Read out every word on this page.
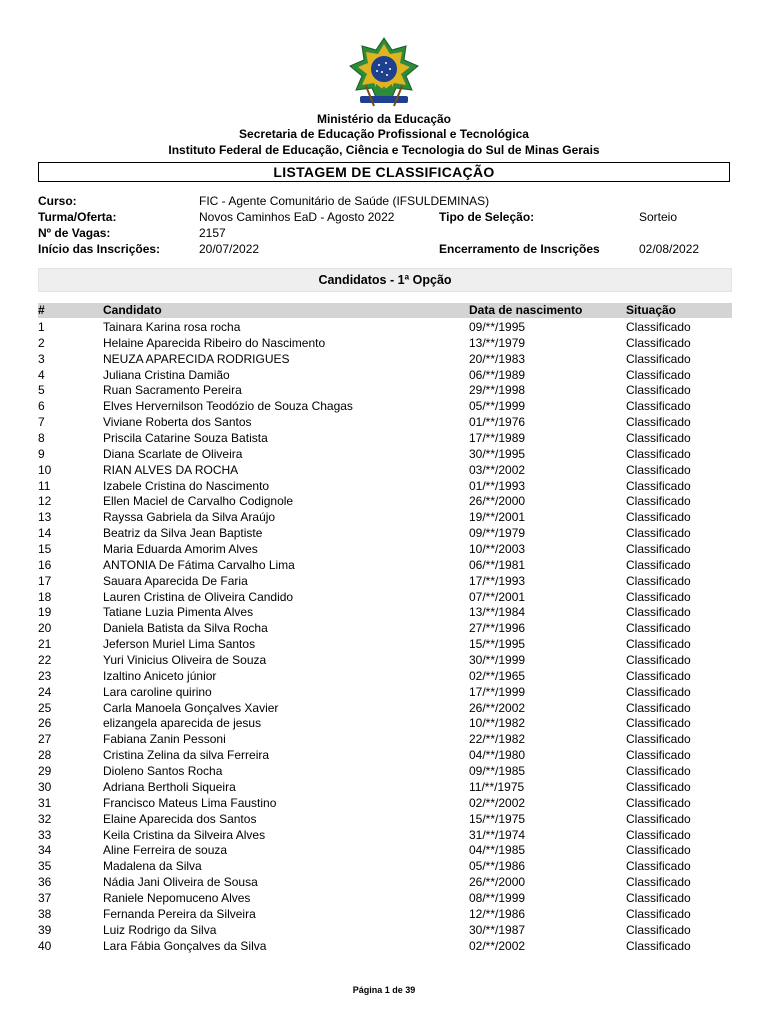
Ministério da Educação
Secretaria de Educação Profissional e Tecnológica
Instituto Federal de Educação, Ciência e Tecnologia do Sul de Minas Gerais
LISTAGEM DE CLASSIFICAÇÃO
Curso:	FIC - Agente Comunitário de Saúde (IFSULDEMINAS)
Turma/Oferta:	Novos Caminhos EaD - Agosto 2022	Tipo de Seleção:	Sorteio
Nº de Vagas:	2157
Início das Inscrições:	20/07/2022	Encerramento de Inscrições	02/08/2022
Candidatos - 1ª Opção
#	Candidato	Data de nascimento	Situação
1	Tainara Karina rosa rocha	09/**/1995	Classificado
2	Helaine Aparecida Ribeiro do Nascimento	13/**/1979	Classificado
3	NEUZA APARECIDA RODRIGUES	20/**/1983	Classificado
4	Juliana Cristina Damião	06/**/1989	Classificado
5	Ruan Sacramento Pereira	29/**/1998	Classificado
6	Elves Hervernilson Teodózio de Souza Chagas	05/**/1999	Classificado
7	Viviane Roberta dos Santos	01/**/1976	Classificado
8	Priscila Catarine Souza Batista	17/**/1989	Classificado
9	Diana Scarlate de Oliveira	30/**/1995	Classificado
10	RIAN ALVES DA ROCHA	03/**/2002	Classificado
11	Izabele Cristina do Nascimento	01/**/1993	Classificado
12	Ellen Maciel de Carvalho Codignole	26/**/2000	Classificado
13	Rayssa Gabriela da Silva Araújo	19/**/2001	Classificado
14	Beatriz da Silva Jean Baptiste	09/**/1979	Classificado
15	Maria Eduarda Amorim Alves	10/**/2003	Classificado
16	ANTONIA De Fátima Carvalho Lima	06/**/1981	Classificado
17	Sauara Aparecida De Faria	17/**/1993	Classificado
18	Lauren Cristina de Oliveira Candido	07/**/2001	Classificado
19	Tatiane Luzia Pimenta Alves	13/**/1984	Classificado
20	Daniela Batista da Silva Rocha	27/**/1996	Classificado
21	Jeferson Muriel Lima Santos	15/**/1995	Classificado
22	Yuri Vinicius Oliveira de Souza	30/**/1999	Classificado
23	Izaltino Aniceto júnior	02/**/1965	Classificado
24	Lara caroline quirino	17/**/1999	Classificado
25	Carla Manoela Gonçalves Xavier	26/**/2002	Classificado
26	elizangela aparecida de jesus	10/**/1982	Classificado
27	Fabiana Zanin Pessoni	22/**/1982	Classificado
28	Cristina Zelina da silva Ferreira	04/**/1980	Classificado
29	Dioleno Santos Rocha	09/**/1985	Classificado
30	Adriana Bertholi Siqueira	11/**/1975	Classificado
31	Francisco Mateus Lima Faustino	02/**/2002	Classificado
32	Elaine Aparecida dos Santos	15/**/1975	Classificado
33	Keila Cristina da Silveira Alves	31/**/1974	Classificado
34	Aline Ferreira de souza	04/**/1985	Classificado
35	Madalena da Silva	05/**/1986	Classificado
36	Nádia Jani Oliveira de Sousa	26/**/2000	Classificado
37	Raniele Nepomuceno Alves	08/**/1999	Classificado
38	Fernanda Pereira da Silveira	12/**/1986	Classificado
39	Luiz Rodrigo da Silva	30/**/1987	Classificado
40	Lara Fábia Gonçalves da Silva	02/**/2002	Classificado
Página 1 de 39
